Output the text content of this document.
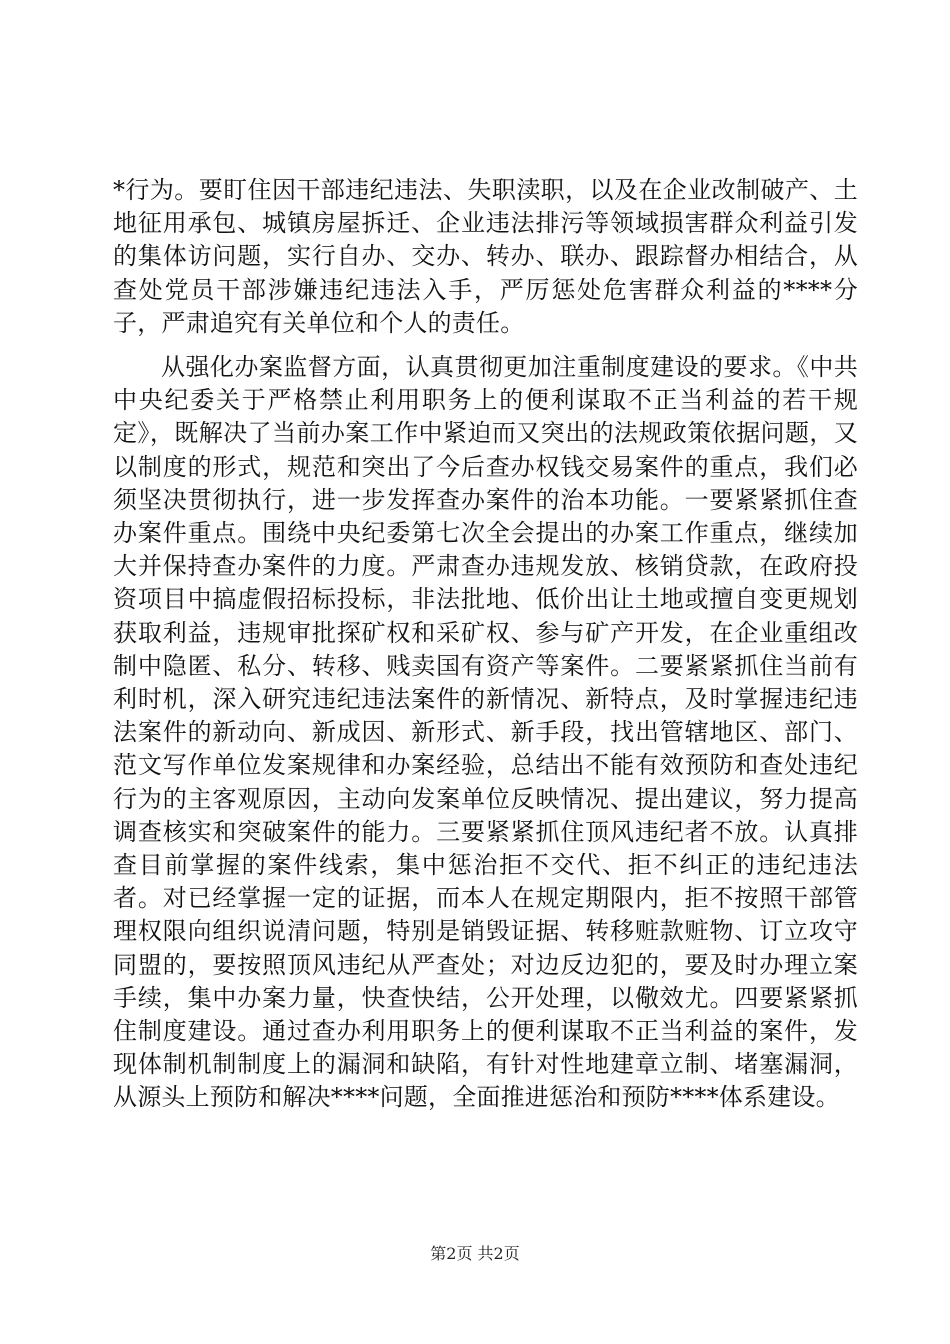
*行为。要盯住因干部违纪违法、失职渎职，以及在企业改制破产、土地征用承包、城镇房屋拆迁、企业违法排污等领域损害群众利益引发的集体访问题，实行自办、交办、转办、联办、跟踪督办相结合，从查处党员干部涉嫌违纪违法入手，严厉惩处危害群众利益的****分子，严肃追究有关单位和个人的责任。

从强化办案监督方面，认真贯彻更加注重制度建设的要求。《中共中央纪委关于严格禁止利用职务上的便利谋取不正当利益的若干规定》，既解决了当前办案工作中紧迫而又突出的法规政策依据问题，又以制度的形式，规范和突出了今后查办权钱交易案件的重点，我们必须坚决贯彻执行，进一步发挥查办案件的治本功能。一要紧紧抓住查办案件重点。围绕中央纪委第七次全会提出的办案工作重点，继续加大并保持查办案件的力度。严肃查办违规发放、核销贷款，在政府投资项目中搞虚假招标投标，非法批地、低价出让土地或擅自变更规划获取利益，违规审批探矿权和采矿权、参与矿产开发，在企业重组改制中隐匿、私分、转移、贱卖国有资产等案件。二要紧紧抓住当前有利时机，深入研究违纪违法案件的新情况、新特点，及时掌握违纪违法案件的新动向、新成因、新形式、新手段，找出管辖地区、部门、范文写作单位发案规律和办案经验，总结出不能有效预防和查处违纪行为的主客观原因，主动向发案单位反映情况、提出建议，努力提高调查核实和突破案件的能力。三要紧紧抓住顶风违纪者不放。认真排查目前掌握的案件线索，集中惩治拒不交代、拒不纠正的违纪违法者。对已经掌握一定的证据，而本人在规定期限内，拒不按照干部管理权限向组织说清问题，特别是销毁证据、转移赃款赃物、订立攻守同盟的，要按照顶风违纪从严查处；对边反边犯的，要及时办理立案手续，集中办案力量，快查快结，公开处理，以儆效尤。四要紧紧抓住制度建设。通过查办利用职务上的便利谋取不正当利益的案件，发现体制机制制度上的漏洞和缺陷，有针对性地建章立制、堵塞漏洞，从源头上预防和解决****问题，全面推进惩治和预防****体系建设。

第2页 共2页
